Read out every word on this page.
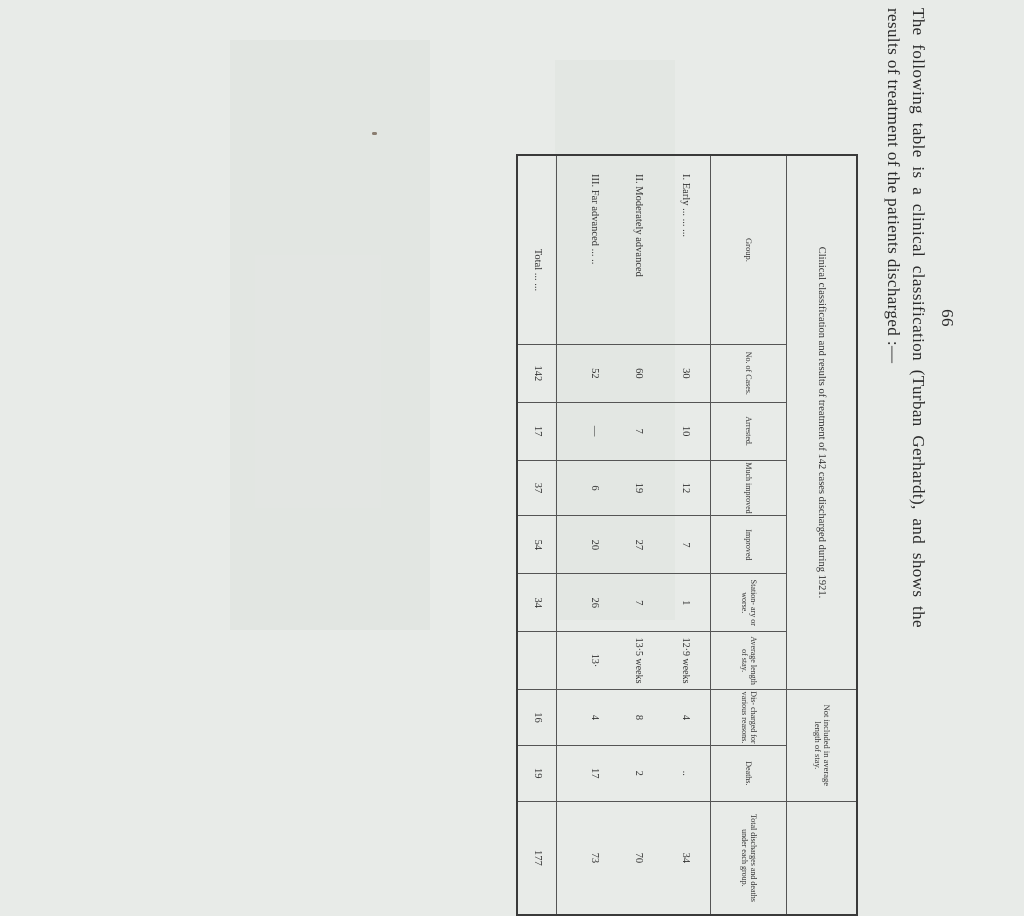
66

The following table is a clinical classification (Turban Gerhardt), and shows the results of treatment of the patients discharged :—

Clinical classification and results of treatment of 142 cases discharged during 1921.							Not included in average length of stay.		
Group.	No. of Cases.	Arrested.	Much improved	Improved	Station- ary or worse.	Average length of stay.	Dis- charged for various reasons.	Deaths.	Total discharges and deaths under each group.
I. Early ... ... ...	30	10	12	7	1	12·9 weeks	4	..	34
II. Moderately advanced	60	7	19	27	7	13·5 weeks	8	2	70
III. Far advanced ... ..	52	—	6	20	26	13·	4	17	73

Total ... ...	142	17	37	54	34		16	19	177
